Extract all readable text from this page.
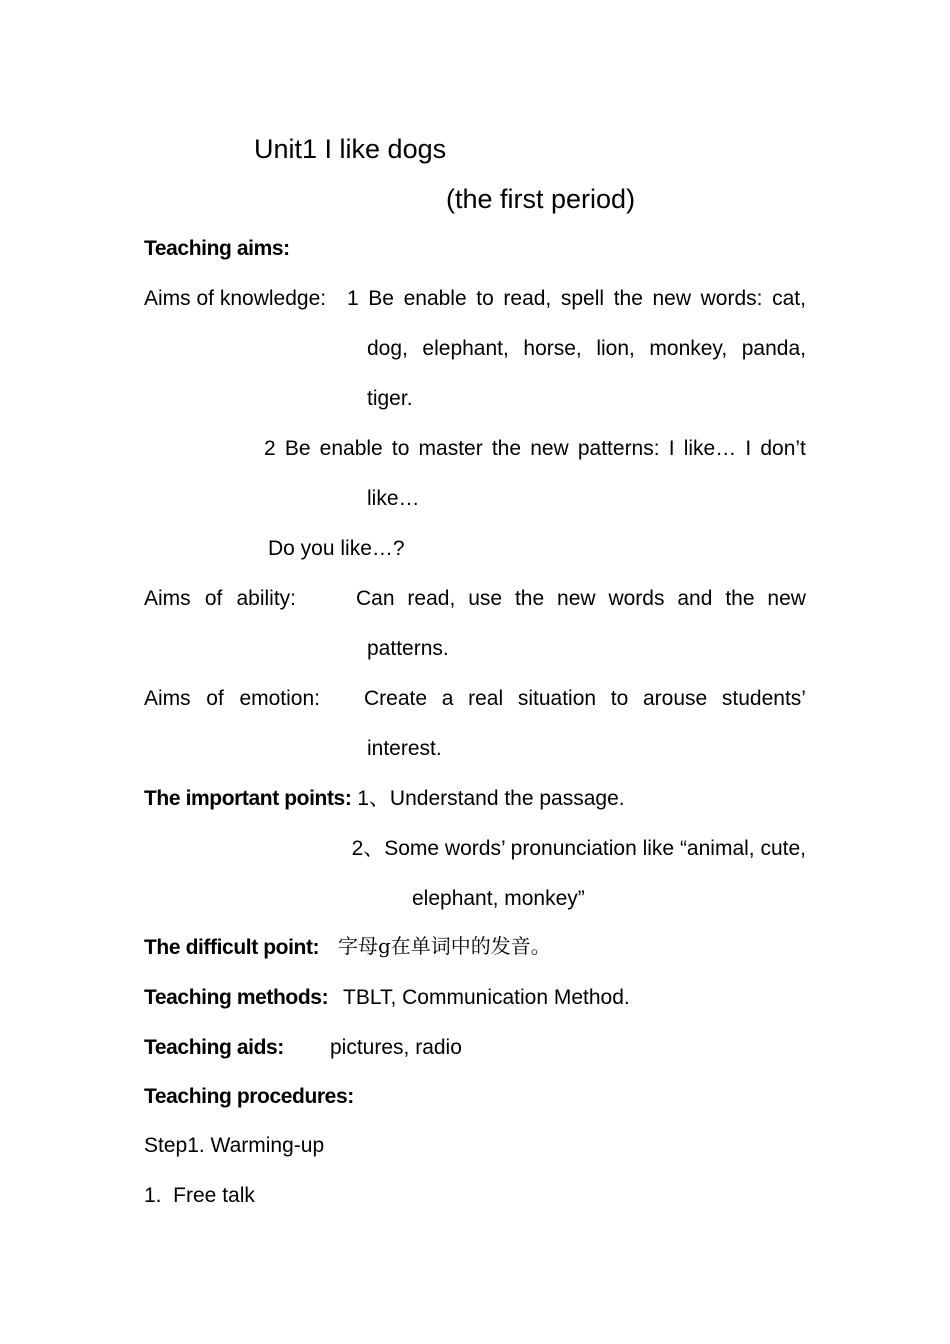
Unit1 I like dogs
(the first period)
Teaching aims:
Aims of knowledge: 1 Be enable to read, spell the new words: cat,
dog, elephant, horse, lion, monkey, panda,
tiger.
2 Be enable to master the new patterns: I like… I don’t
like…
Do you like…?
Aims of ability:	Can read, use the new words and the new
patterns.
Aims of emotion: Create a real situation to arouse students’
interest.
The important points: 1、Understand the passage.
2、Some words’ pronunciation like “animal, cute,
elephant, monkey”
The difficult point: 字母g在单词中的发音。
Teaching methods: TBLT, Communication Method.
Teaching aids: pictures, radio
Teaching procedures:
Step1. Warming-up
1.  Free talk
